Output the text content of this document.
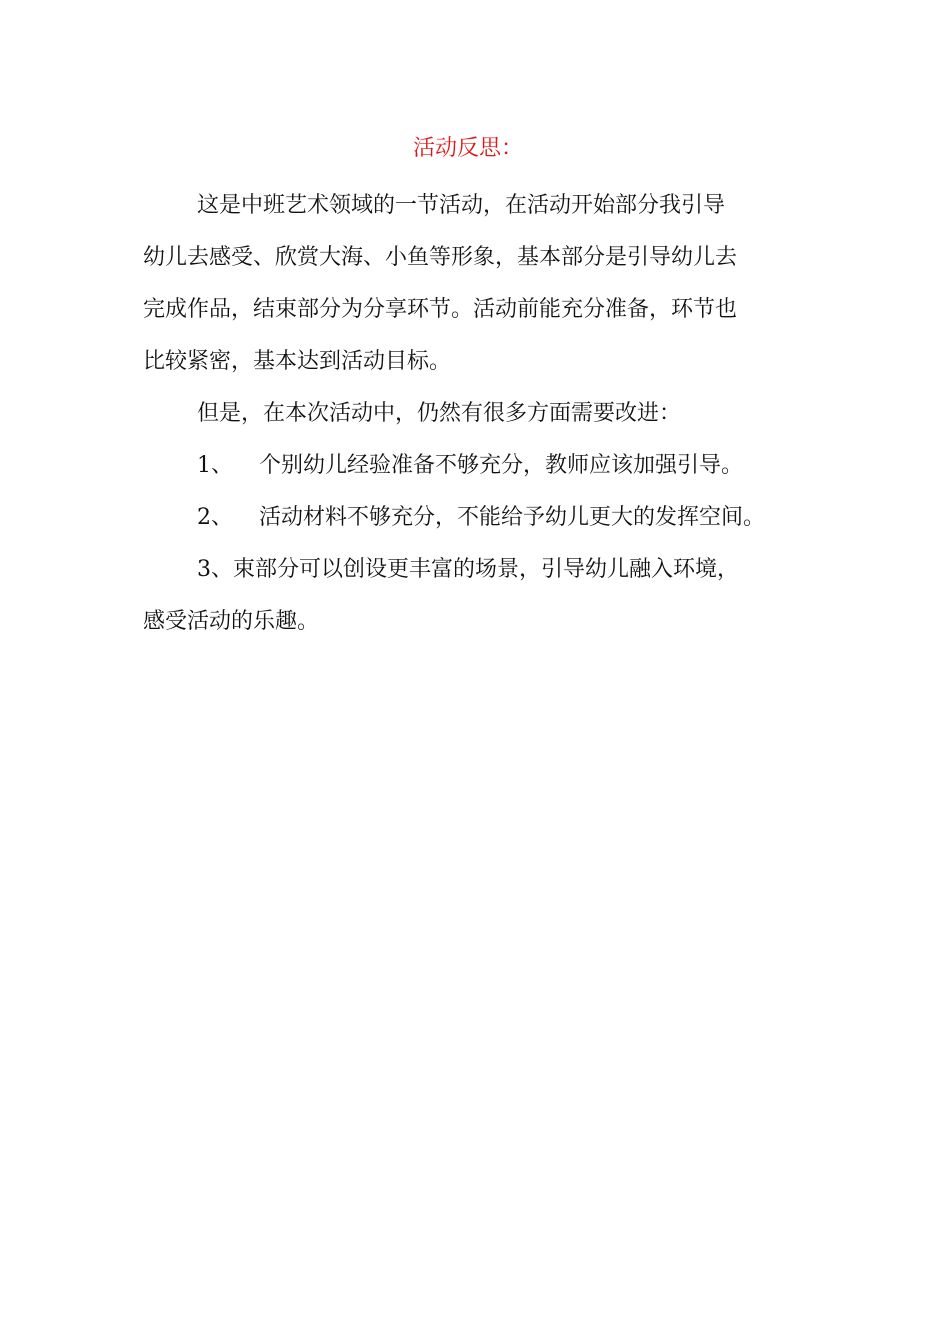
活动反思：
这是中班艺术领域的一节活动，在活动开始部分我引导
幼儿去感受、欣赏大海、小鱼等形象，基本部分是引导幼儿去
完成作品，结束部分为分享环节。活动前能充分准备，环节也
比较紧密，基本达到活动目标。
但是，在本次活动中，仍然有很多方面需要改进：
1、 个别幼儿经验准备不够充分，教师应该加强引导。
2、 活动材料不够充分，不能给予幼儿更大的发挥空间。
3、束部分可以创设更丰富的场景，引导幼儿融入环境，
感受活动的乐趣。
